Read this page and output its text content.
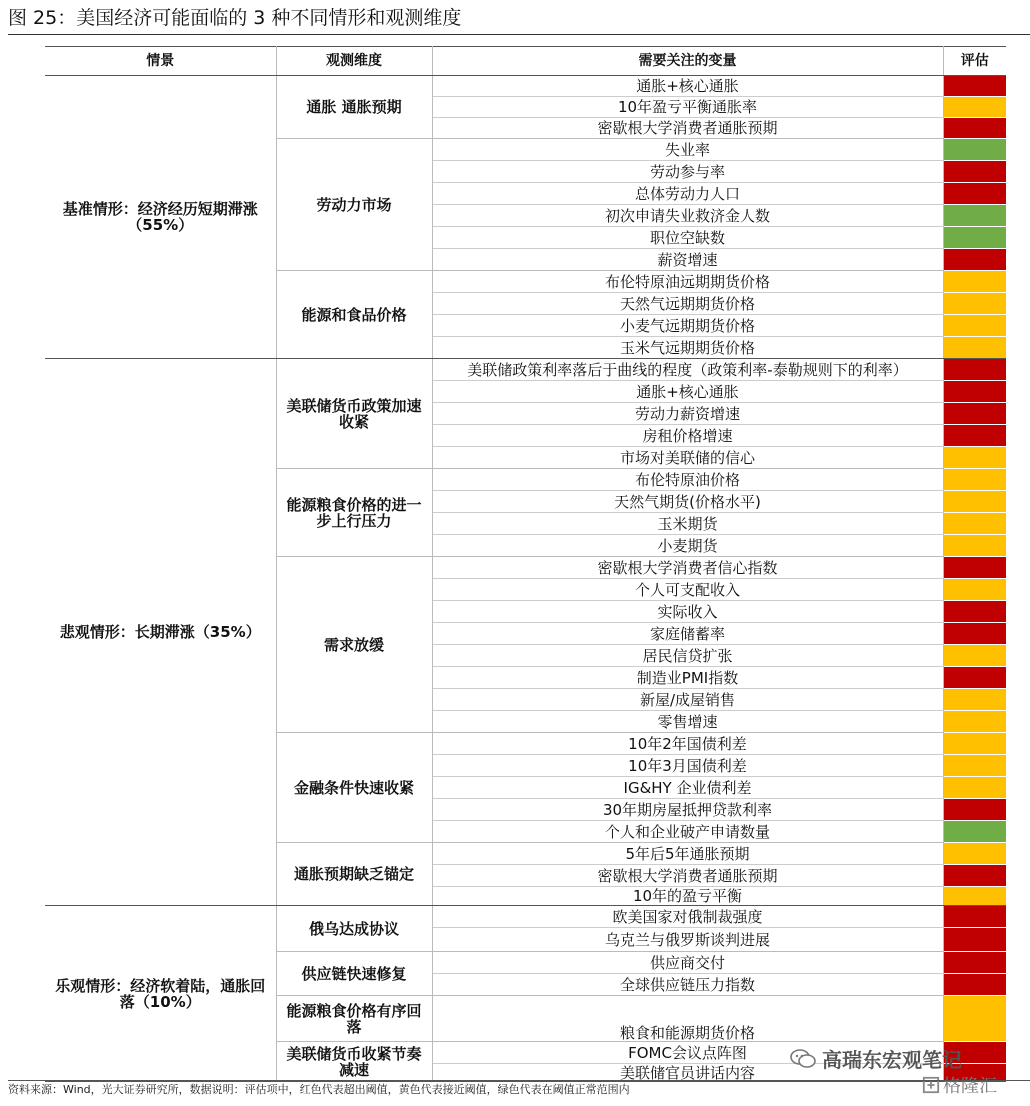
图 25：美国经济可能面临的 3 种不同情形和观测维度
情景	观测维度	需要关注的变量	评估
基准情形：经济经历短期滞涨（55%）	通胀 通胀预期	通胀+核心通胀	
		10年盈亏平衡通胀率	
		密歇根大学消费者通胀预期	
	劳动力市场	失业率	
		劳动参与率	
		总体劳动力人口	
		初次申请失业救济金人数	
		职位空缺数	
		薪资增速	
	能源和食品价格	布伦特原油远期期货价格	
		天然气远期期货价格	
		小麦气远期期货价格	
		玉米气远期期货价格	
悲观情形：长期滞涨（35%）	美联储货币政策加速收紧	美联储政策利率落后于曲线的程度（政策利率-泰勒规则下的利率）	
		通胀+核心通胀	
		劳动力薪资增速	
		房租价格增速	
		市场对美联储的信心	
	能源粮食价格的进一步上行压力	布伦特原油价格	
		天然气期货(价格水平)	
		玉米期货	
		小麦期货	
	需求放缓	密歇根大学消费者信心指数	
		个人可支配收入	
		实际收入	
		家庭储蓄率	
		居民信贷扩张	
		制造业PMI指数	
		新屋/成屋销售	
		零售增速	
	金融条件快速收紧	10年2年国债利差	
		10年3月国债利差	
		IG&HY 企业债利差	
		30年期房屋抵押贷款利率	
		个人和企业破产申请数量	
	通胀预期缺乏锚定	5年后5年通胀预期	
		密歇根大学消费者通胀预期	
		10年的盈亏平衡	
乐观情形：经济软着陆，通胀回落（10%）	俄乌达成协议	欧美国家对俄制裁强度	
		乌克兰与俄罗斯谈判进展	
	供应链快速修复	供应商交付	
		全球供应链压力指数	
	能源粮食价格有序回落	粮食和能源期货价格	
	美联储货币收紧节奏减速	FOMC会议点阵图	
		美联储官员讲话内容	
高瑞东宏观笔记
格隆汇
资料来源：Wind，光大证券研究所，数据说明：评估项中，红色代表超出阈值，黄色代表接近阈值，绿色代表在阈值正常范围内
